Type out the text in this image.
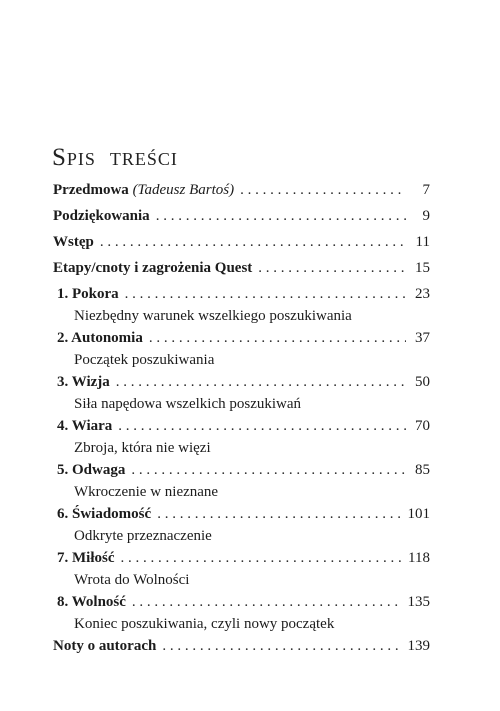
Spis treści
Przedmowa (Tadeusz Bartoś) . . .	7
Podziękowania . . .	9
Wstęp . . .	11
Etapy/cnoty i zagrożenia Quest . . .	15
1. Pokora . . .	23
Niezbędny warunek wszelkiego poszukiwania
2. Autonomia . . .	37
Początek poszukiwania
3. Wizja . . .	50
Siła napędowa wszelkich poszukiwań
4. Wiara . . .	70
Zbroja, która nie więzi
5. Odwaga . . .	85
Wkroczenie w nieznane
6. Świadomość . . .	101
Odkryte przeznaczenie
7. Miłość . . .	118
Wrota do Wolności
8. Wolność . . .	135
Koniec poszukiwania, czyli nowy początek
Noty o autorach . . .	139
